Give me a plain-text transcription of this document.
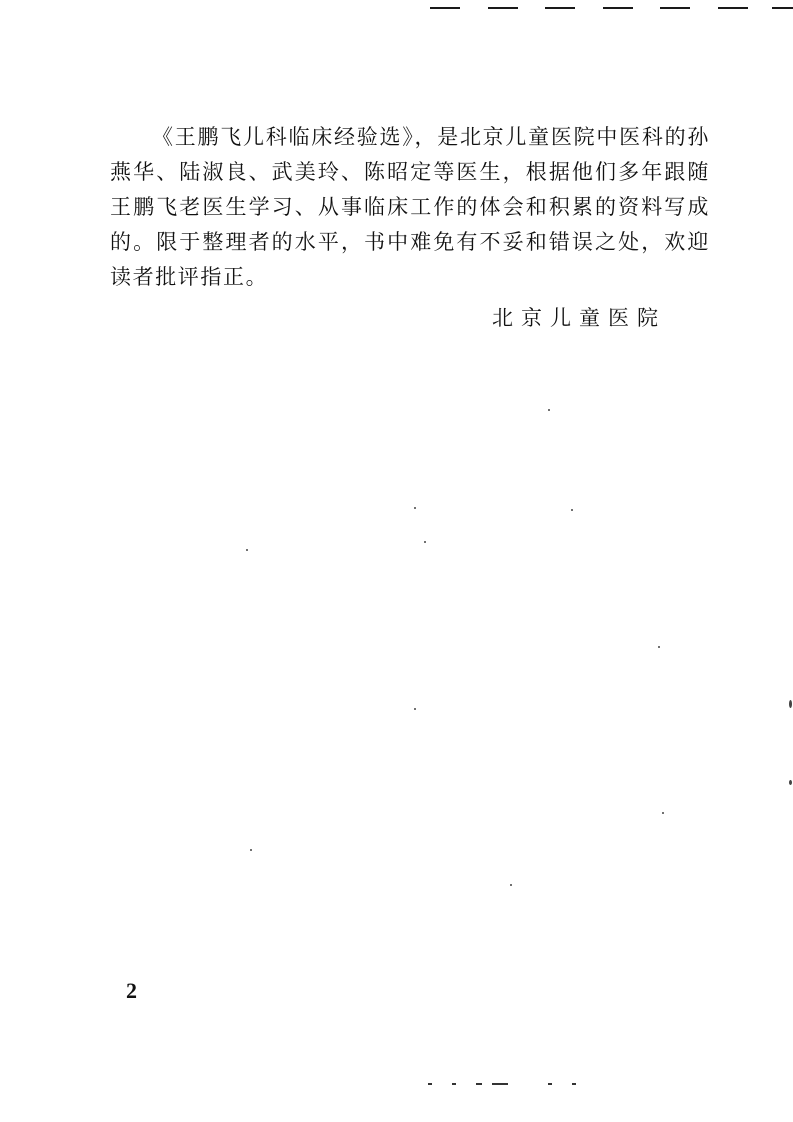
《王鹏飞儿科临床经验选》，是北京儿童医院中医科的孙燕华、陆淑良、武美玲、陈昭定等医生，根据他们多年跟随王鹏飞老医生学习、从事临床工作的体会和积累的资料写成的。限于整理者的水平，书中难免有不妥和错误之处，欢迎读者批评指正。

北京儿童医院
2
